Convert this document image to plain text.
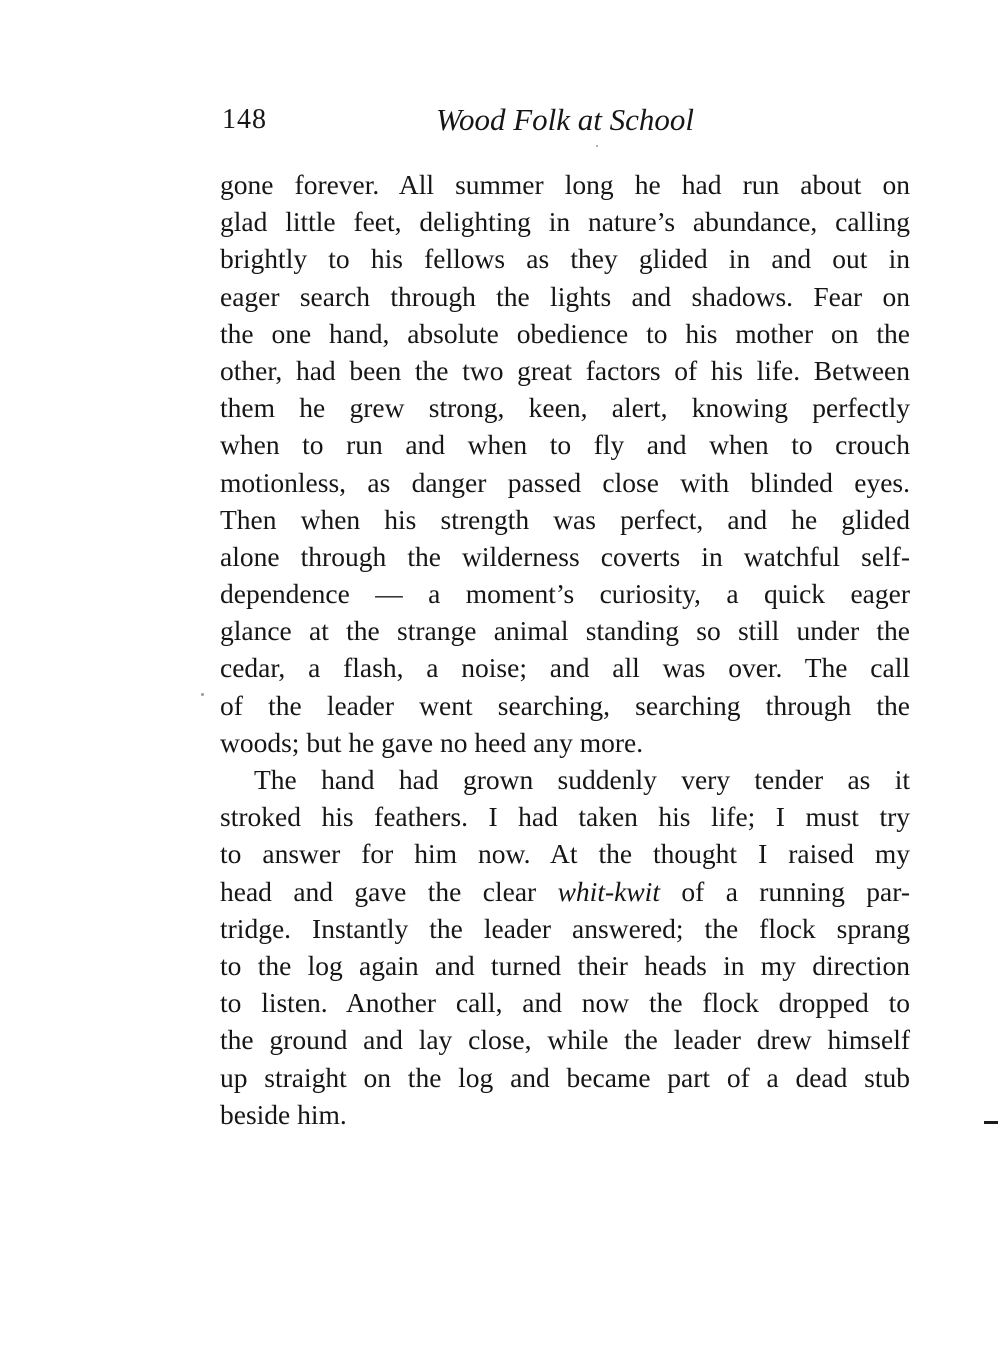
148	Wood Folk at School
gone forever. All summer long he had run about on
glad little feet, delighting in nature’s abundance, calling
brightly to his fellows as they glided in and out in
eager search through the lights and shadows. Fear on
the one hand, absolute obedience to his mother on the
other, had been the two great factors of his life. Between
them he grew strong, keen, alert, knowing perfectly
when to run and when to fly and when to crouch
motionless, as danger passed close with blinded eyes.
Then when his strength was perfect, and he glided
alone through the wilderness coverts in watchful self-
dependence — a moment’s curiosity, a quick eager
glance at the strange animal standing so still under the
cedar, a flash, a noise; and all was over. The call
of the leader went searching, searching through the
woods; but he gave no heed any more.
The hand had grown suddenly very tender as it
stroked his feathers. I had taken his life; I must try
to answer for him now. At the thought I raised my
head and gave the clear whit-kwit of a running par-
tridge. Instantly the leader answered; the flock sprang
to the log again and turned their heads in my direction
to listen. Another call, and now the flock dropped to
the ground and lay close, while the leader drew himself
up straight on the log and became part of a dead stub
beside him.
